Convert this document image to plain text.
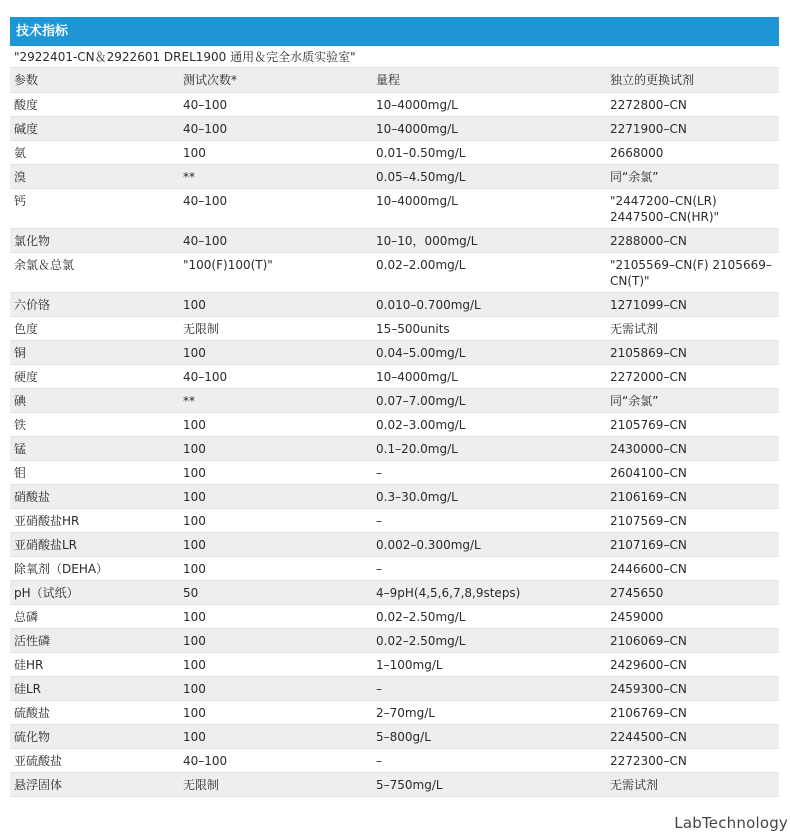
技术指标
"2922401-CN＆2922601 DREL1900 通用＆完全水质实验室"
参数	测试次数*	量程	独立的更换试剂
酸度	40–100	10–4000mg/L	2272800–CN
碱度	40–100	10–4000mg/L	2271900–CN
氨	100	0.01–0.50mg/L	2668000
溴	**	0.05–4.50mg/L	同“余氯”
钙	40–100	10–4000mg/L	"2447200–CN(LR) 2447500–CN(HR)"
氯化物	40–100	10–10，000mg/L	2288000–CN
余氯＆总氯	"100(F)100(T)"	0.02–2.00mg/L	"2105569–CN(F) 2105669–CN(T)"
六价铬	100	0.010–0.700mg/L	1271099–CN
色度	无限制	15–500units	无需试剂
铜	100	0.04–5.00mg/L	2105869–CN
硬度	40–100	10–4000mg/L	2272000–CN
碘	**	0.07–7.00mg/L	同“余氯”
铁	100	0.02–3.00mg/L	2105769–CN
锰	100	0.1–20.0mg/L	2430000–CN
钼	100	–	2604100–CN
硝酸盐	100	0.3–30.0mg/L	2106169–CN
亚硝酸盐HR	100	–	2107569–CN
亚硝酸盐LR	100	0.002–0.300mg/L	2107169–CN
除氧剂（DEHA）	100	–	2446600–CN
pH（试纸）	50	4–9pH(4,5,6,7,8,9steps)	2745650
总磷	100	0.02–2.50mg/L	2459000
活性磷	100	0.02–2.50mg/L	2106069–CN
硅HR	100	1–100mg/L	2429600–CN
硅LR	100	–	2459300–CN
硫酸盐	100	2–70mg/L	2106769–CN
硫化物	100	5–800g/L	2244500–CN
亚硫酸盐	40–100	–	2272300–CN
悬浮固体	无限制	5–750mg/L	无需试剂
LabTechnology
